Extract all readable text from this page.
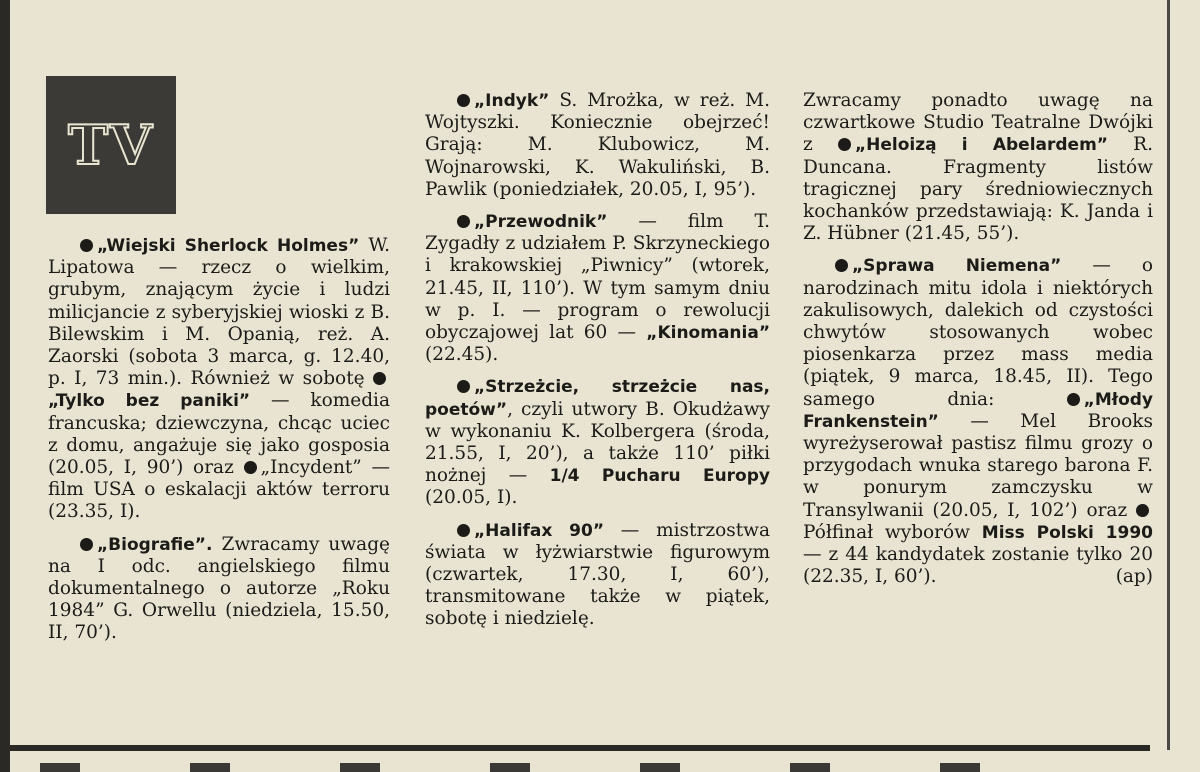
TV

„Wiejski Sherlock Holmes” W. Lipatowa — rzecz o wielkim, grubym, znającym życie i ludzi milicjancie z syberyjskiej wioski z B. Bilewskim i M. Opanią, reż. A. Zaorski (sobota 3 marca, g. 12.40, p. I, 73 min.). Również w sobotę „Tylko bez paniki” — komedia francuska; dziewczyna, chcąc uciec z domu, angażuje się jako gosposia (20.05, I, 90’) oraz „Incydent” — film USA o eskalacji aktów terroru (23.35, I).

„Biografie”. Zwracamy uwagę na I odc. angielskiego filmu dokumentalnego o autorze „Roku 1984” G. Orwellu (niedziela, 15.50, II, 70’).

„Indyk” S. Mrożka, w reż. M. Wojtyszki. Koniecznie obejrzeć! Grają: M. Klubowicz, M. Wojnarowski, K. Wakuliński, B. Pawlik (poniedziałek, 20.05, I, 95’).

„Przewodnik” — film T. Zygadły z udziałem P. Skrzyneckiego i krakowskiej „Piwnicy” (wtorek, 21.45, II, 110’). W tym samym dniu w p. I. — program o rewolucji obyczajowej lat 60 — „Kinomania” (22.45).

„Strzeżcie, strzeżcie nas, poetów”, czyli utwory B. Okudżawy w wykonaniu K. Kolbergera (środa, 21.55, I, 20’), a także 110’ piłki nożnej — 1/4 Pucharu Europy (20.05, I).

„Halifax 90” — mistrzostwa świata w łyżwiarstwie figurowym (czwartek, 17.30, I, 60’), transmitowane także w piątek, sobotę i niedzielę.

Zwracamy ponadto uwagę na czwartkowe Studio Teatralne Dwójki z „Heloizą i Abelardem” R. Duncana. Fragmenty listów tragicznej pary średniowiecznych kochanków przedstawiają: K. Janda i Z. Hübner (21.45, 55’).

„Sprawa Niemena” — o narodzinach mitu idola i niektórych zakulisowych, dalekich od czystości chwytów stosowanych wobec piosenkarza przez mass media (piątek, 9 marca, 18.45, II). Tego samego dnia: „Młody Frankenstein” — Mel Brooks wyreżyserował pastisz filmu grozy o przygodach wnuka starego barona F. w ponurym zamczysku w Transylwanii (20.05, I, 102’) oraz Półfinał wyborów Miss Polski 1990 — z 44 kandydatek zostanie tylko 20 (22.35, I, 60’).	(ap)
